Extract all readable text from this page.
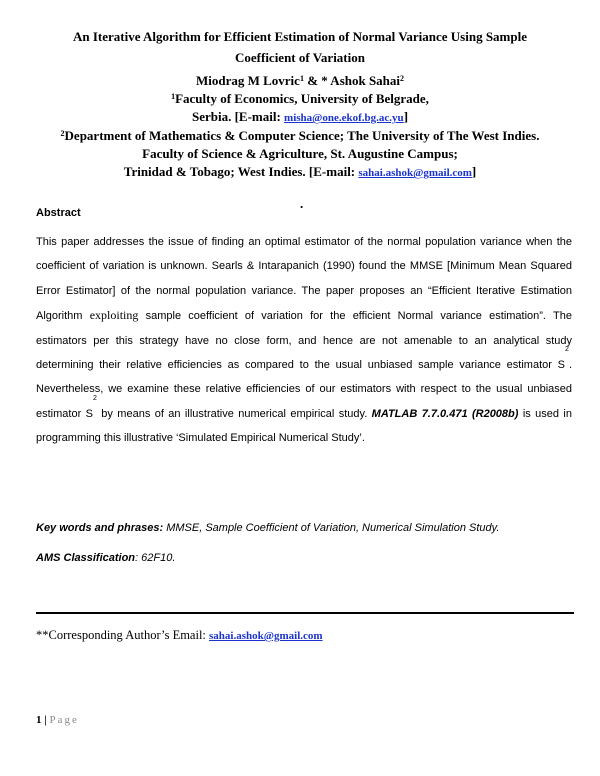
An Iterative Algorithm for Efficient Estimation of Normal Variance Using Sample
Coefficient of Variation
Miodrag M Lovric$^1$ & * Ashok Sahai$^2$
$^1$Faculty of Economics, University of Belgrade,
Serbia. [E-mail: misha@one.ekof.bg.ac.yu]
$^2$Department of Mathematics & Computer Science; The University of The West Indies.
Faculty of Science & Agriculture, St. Augustine Campus;
Trinidad & Tobago; West Indies. [E-mail: sahai.ashok@gmail.com]
.
Abstract
This paper addresses the issue of finding an optimal estimator of the normal population variance when the coefficient of variation is unknown. Searls & Intarapanich (1990) found the MMSE [Minimum Mean Squared Error Estimator] of the normal population variance. The paper proposes an “Efficient Iterative Estimation Algorithm exploiting sample coefficient of variation for the efficient Normal variance estimation”. The estimators per this strategy have no close form, and hence are not amenable to an analytical study determining their relative efficiencies as compared to the usual unbiased sample variance estimator $S^2$. Nevertheless, we examine these relative efficiencies of our estimators with respect to the usual unbiased estimator $S^2$ by means of an illustrative numerical empirical study. MATLAB 7.7.0.471 (R2008b) is used in programming this illustrative ‘Simulated Empirical Numerical Study’.
Key words and phrases: MMSE, Sample Coefficient of Variation, Numerical Simulation Study.
AMS Classification: 62F10.
**Corresponding Author’s Email: sahai.ashok@gmail.com
1 | Page
